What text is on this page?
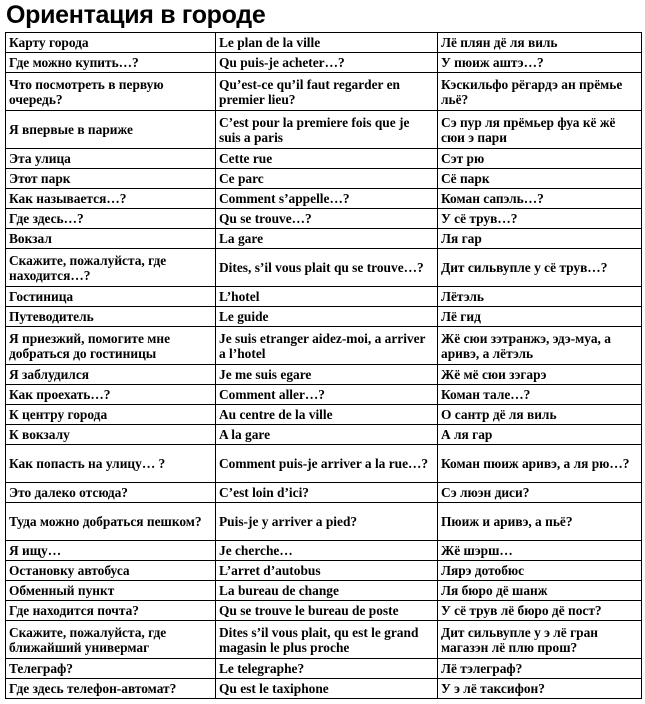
Ориентация в городе
Карту города	Le plan de la ville	Лё плян дё ля виль
Где можно купить…?	Qu puis-je acheter…?	У пюиж аштэ…?
Что посмотреть в первую очередь?	Qu’est-ce qu’il faut regarder en premier lieu?	Кэскильфо рёгардэ ан прёмье льё?
Я впервые в париже	C’est pour la premiere fois que je suis a paris	Сэ пур ля прёмьер фуа кё жё сюи э пари
Эта улица	Cette rue	Сэт рю
Этот парк	Ce parc	Сё парк
Как называется…?	Comment s’appelle…?	Коман сапэль…?
Где здесь…?	Qu se trouve…?	У сё трув…?
Вокзал	La gare	Ля гар
Скажите, пожалуйста, где находится…?	Dites, s’il vous plait qu se trouve…?	Дит сильвупле у сё трув…?
Гостиница	L’hotel	Лётэль
Путеводитель	Le guide	Лё гид
Я приезжий, помогите мне добраться до гостиницы	Je suis etranger aidez-moi, a arriver a l’hotel	Жё сюи зэтранжэ, эдэ-муа, а аривэ, а лётэль
Я заблудился	Je me suis egare	Жё мё сюи зэгарэ
Как проехать…?	Comment aller…?	Коман тале…?
К центру города	Au centre de la ville	О сантр дё ля виль
К вокзалу	A la gare	А ля гар
Как попасть на улицу… ?	Comment puis-je arriver a la rue…?	Коман пюиж аривэ, а ля рю…?
Это далеко отсюда?	C’est loin d’ici?	Сэ люэн диси?
Туда можно добраться пешком?	Puis-je y arriver a pied?	Пюиж и аривэ, а пьё?
Я ищу…	Je cherche…	Жё шэрш…
Остановку автобуса	L’arret d’autobus	Лярэ дотобюс
Обменный пункт	La bureau de change	Ля бюро дё шанж
Где находится почта?	Qu se trouve le bureau de poste	У сё трув лё бюро дё пост?
Скажите, пожалуйста, где ближайший универмаг	Dites s’il vous plait, qu est le grand magasin le plus proche	Дит сильвупле у э лё гран магазэн лё плю прош?
Телеграф?	Le telegraphe?	Лё тэлеграф?
Где здесь телефон-автомат?	Qu est le taxiphone	У э лё таксифон?
